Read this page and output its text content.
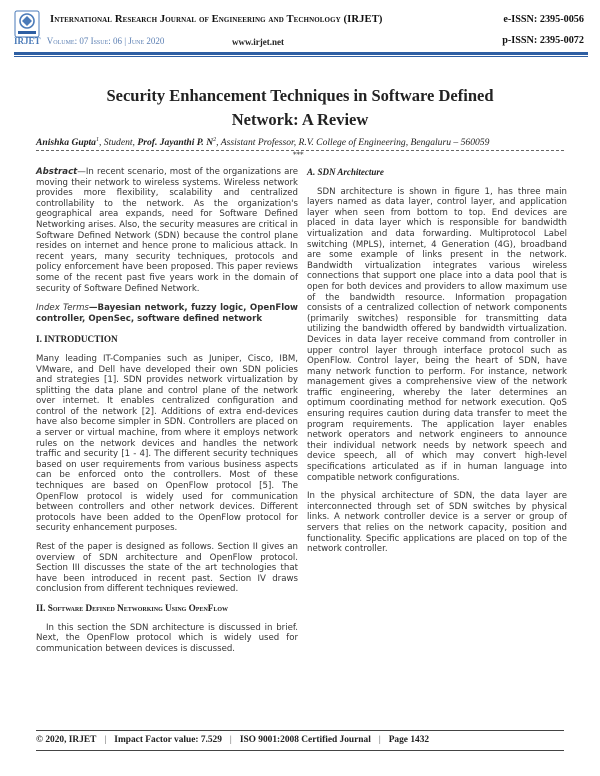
International Research Journal of Engineering and Technology (IRJET)	e-ISSN: 2395-0056
IRJET Volume: 07 Issue: 06 | June 2020	www.irjet.net	p-ISSN: 2395-0072
Security Enhancement Techniques in Software Defined
Network: A Review
Anishka Gupta$^1$, Student, Prof. Jayanthi P. $N^2$, Assistant Professor, R.V. College of Engineering, Bengaluru – 560059
***

Abstract—In recent scenario, most of the organizations are moving their network to wireless systems. Wireless network provides more flexibility, scalability and centralized controllability to the network. As the organization's geographical area expands, need for Software Defined Networking arises. Also, the security measures are critical in Software Defined Network (SDN) because the control plane resides on internet and hence prone to malicious attack. In recent years, many security techniques, protocols and policy enforcement have been proposed. This paper reviews some of the recent past five years work in the domain of security of Software Defined Network.

Index Terms—Bayesian network, fuzzy logic, OpenFlow controller, OpenSec, software defined network

I. INTRODUCTION

Many leading IT-Companies such as Juniper, Cisco, IBM, VMware, and Dell have developed their own SDN policies and strategies [1]. SDN provides network virtualization by splitting the data plane and control plane of the network over internet. It enables centralized configuration and control of the network [2]. Additions of extra end-devices have also become simpler in SDN. Controllers are placed on a server or virtual machine, from where it employs network rules on the network devices and handles the network traffic and security [1 - 4]. The different security techniques based on user requirements from various business aspects can be enforced onto the controllers. Most of these techniques are based on OpenFlow protocol [5]. The OpenFlow protocol is widely used for communication between controllers and other network devices. Different protocols have been added to the OpenFlow protocol for security enhancement purposes.

Rest of the paper is designed as follows. Section II gives an overview of SDN architecture and OpenFlow protocol. Section III discusses the state of the art technologies that have been introduced in recent past. Section IV draws conclusion from different techniques reviewed.

II. Software Defined Networking Using OpenFlow

In this section the SDN architecture is discussed in brief. Next, the OpenFlow protocol which is widely used for communication between devices is discussed.

A. SDN Architecture

SDN architecture is shown in figure 1, has three main layers named as data layer, control layer, and application layer when seen from bottom to top. End devices are placed in data layer which is responsible for bandwidth virtualization and data forwarding. Multiprotocol Label switching (MPLS), internet, 4 Generation (4G), broadband are some example of links present in the network. Bandwidth virtualization integrates various wireless connections that support one place into a data pool that is open for both devices and providers to allow maximum use of the bandwidth resource. Information propagation consists of a centralized collection of network components (primarily switches) responsible for transmitting data utilizing the bandwidth offered by bandwidth virtualization. Devices in data layer receive command from controller in upper control layer through interface protocol such as OpenFlow. Control layer, being the heart of SDN, have many network function to perform. For instance, network management gives a comprehensive view of the network traffic engineering, whereby the later determines an optimum coordinating method for network execution. QoS ensuring requires caution during data transfer to meet the program requirements. The application layer enables network operators and network engineers to announce their individual network needs by network speech and device speech, all of which may convert high-level specifications articulated as if in human language into compatible network configurations.

In the physical architecture of SDN, the data layer are interconnected through set of SDN switches by physical links. A network controller device is a server or group of servers that relies on the network capacity, position and functionality. Specific applications are placed on top of the network controller.

© 2020, IRJET | Impact Factor value: 7.529 | ISO 9001:2008 Certified Journal | Page 1432
